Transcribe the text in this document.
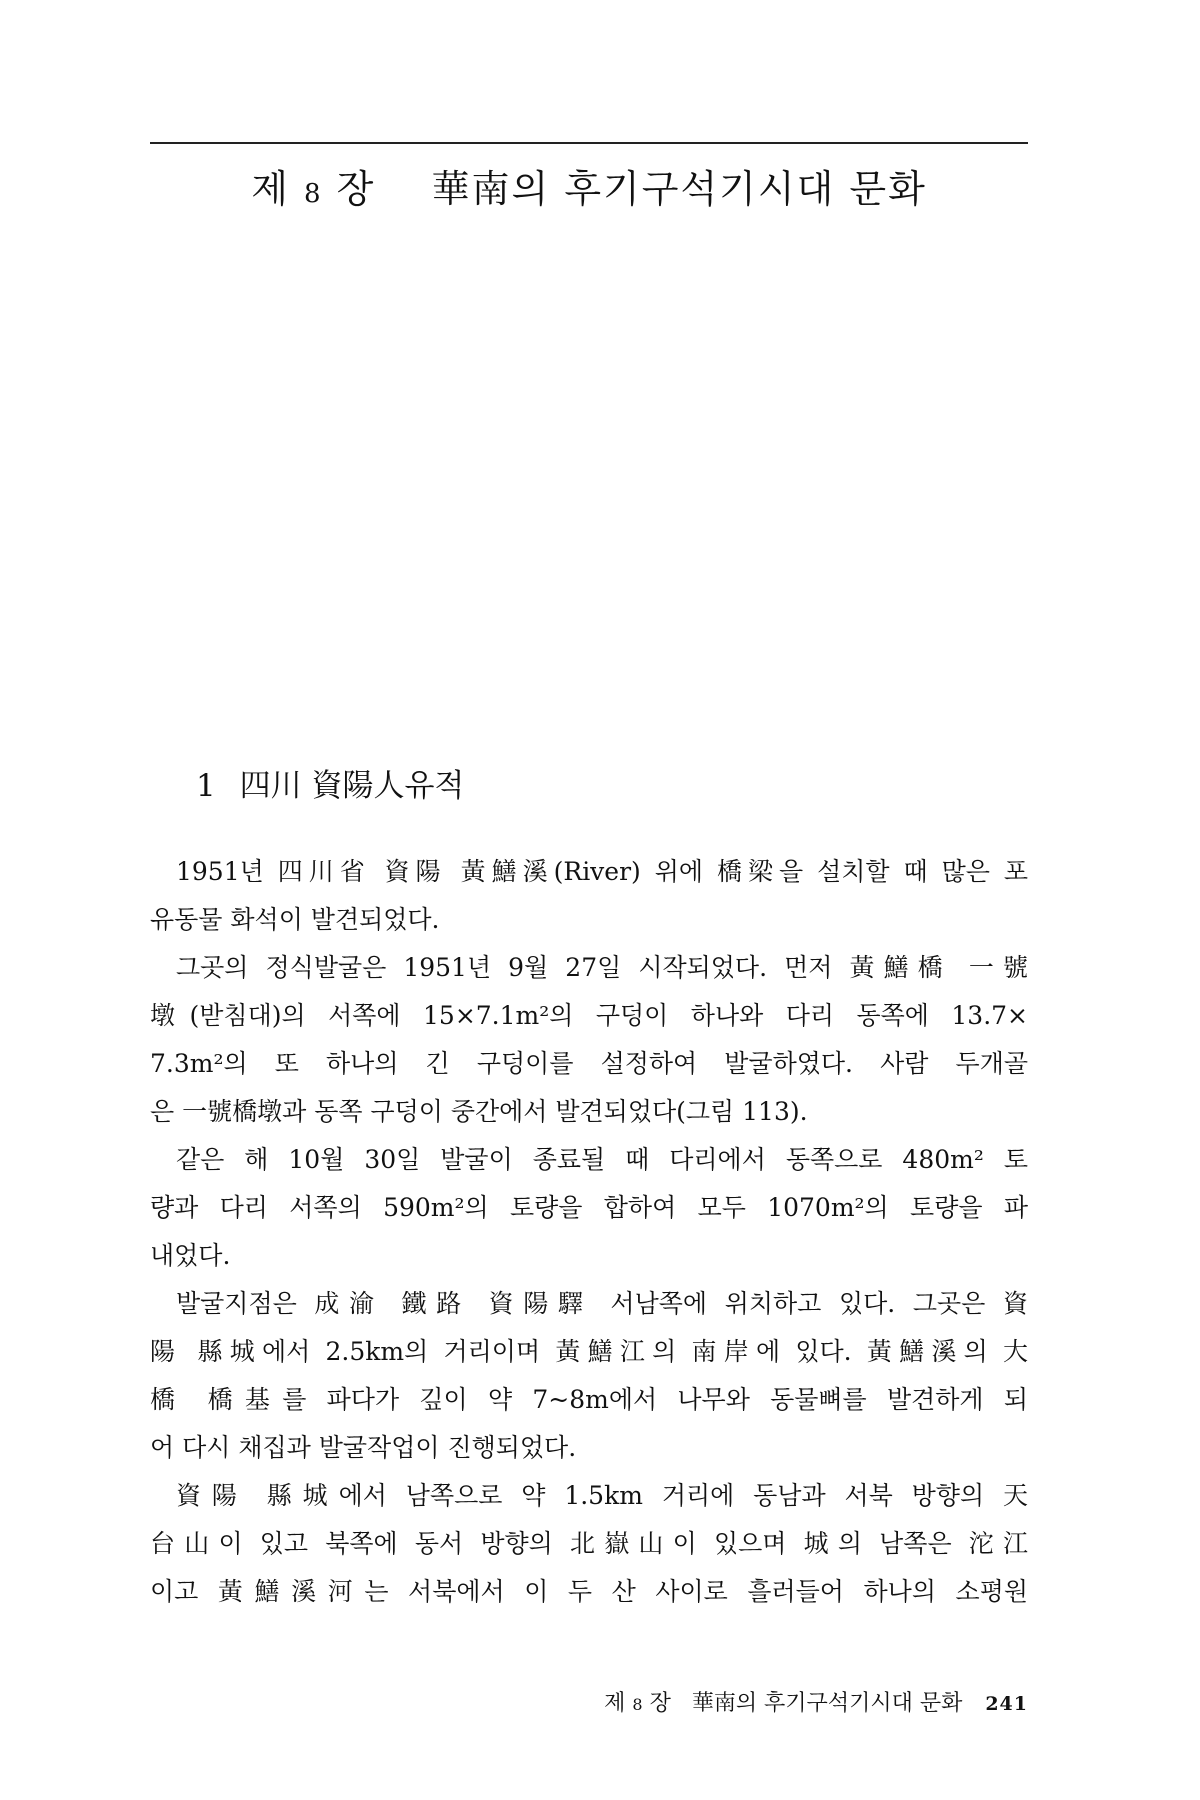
제 8 장 華南의 후기구석기시대 문화
1 四川 資陽人유적
1951년 四川省 資陽 黃鱔溪(River) 위에 橋梁을 설치할 때 많은 포
유동물 화석이 발견되었다.
그곳의 정식발굴은 1951년 9월 27일 시작되었다. 먼저 黃鱔橋 一號
墩(받침대)의 서쪽에 15×7.1m²의 구덩이 하나와 다리 동쪽에 13.7×
7.3m²의 또 하나의 긴 구덩이를 설정하여 발굴하였다. 사람 두개골
은 一號橋墩과 동쪽 구덩이 중간에서 발견되었다(그림 113).
같은 해 10월 30일 발굴이 종료될 때 다리에서 동쪽으로 480m² 토
량과 다리 서쪽의 590m²의 토량을 합하여 모두 1070m²의 토량을 파
내었다.
발굴지점은 成渝 鐵路 資陽驛 서남쪽에 위치하고 있다. 그곳은 資
陽 縣城에서 2.5km의 거리이며 黃鱔江의 南岸에 있다. 黃鱔溪의 大
橋 橋基를 파다가 깊이 약 7~8m에서 나무와 동물뼈를 발견하게 되
어 다시 채집과 발굴작업이 진행되었다.
資陽 縣城에서 남쪽으로 약 1.5km 거리에 동남과 서북 방향의 天
台山이 있고 북쪽에 동서 방향의 北嶽山이 있으며 城의 남쪽은 沱江
이고 黃鱔溪河는 서북에서 이 두 산 사이로 흘러들어 하나의 소평원
제 8 장 華南의 후기구석기시대 문화 241
